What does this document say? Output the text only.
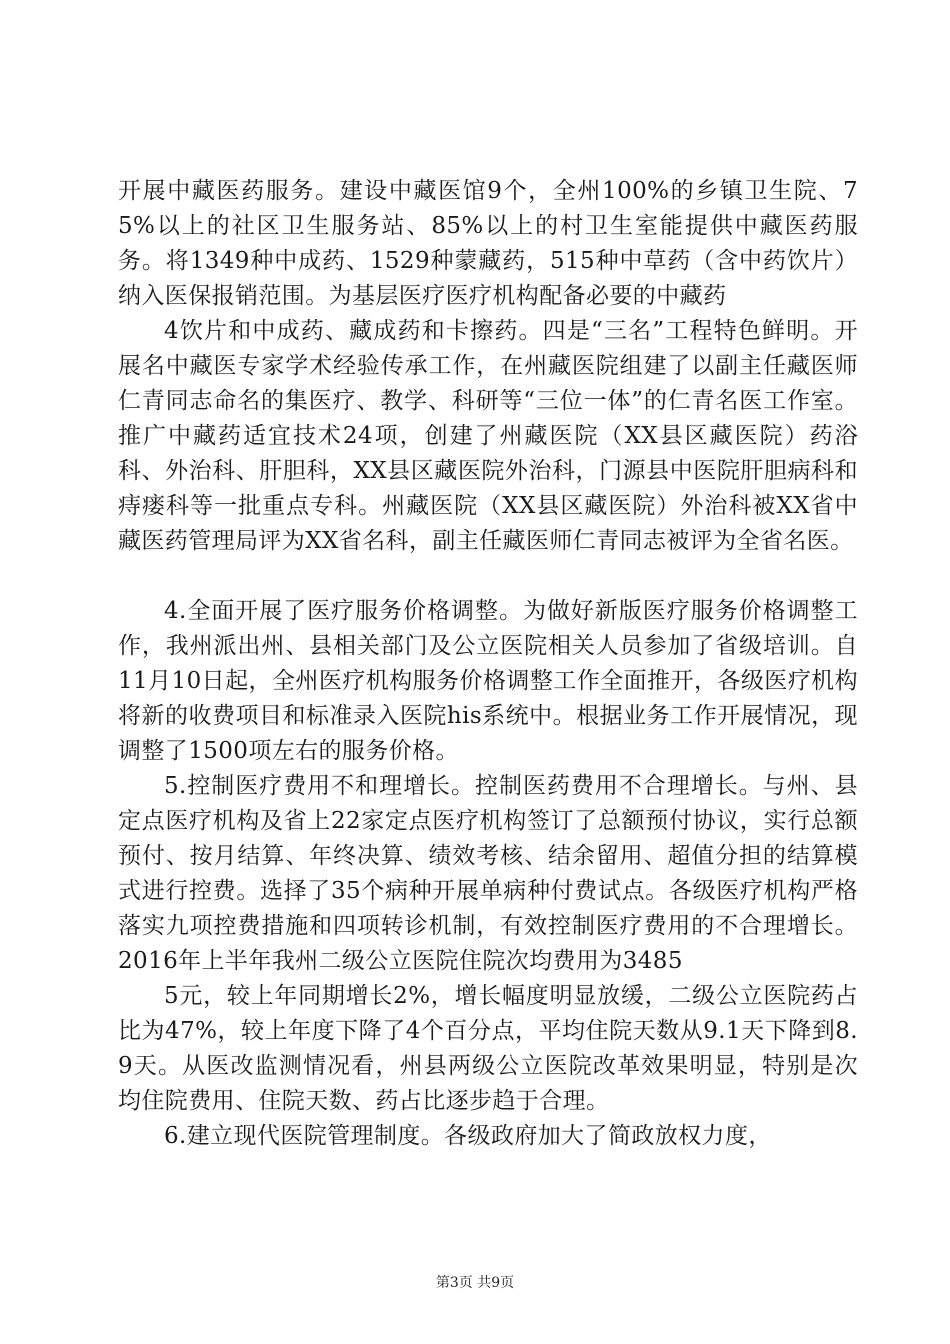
开展中藏医药服务。建设中藏医馆9个，全州100%的乡镇卫生院、75%以上的社区卫生服务站、85%以上的村卫生室能提供中藏医药服务。将1349种中成药、1529种蒙藏药，515种中草药（含中药饮片）纳入医保报销范围。为基层医疗医疗机构配备必要的中藏药

4饮片和中成药、藏成药和卡擦药。四是“三名”工程特色鲜明。开展名中藏医专家学术经验传承工作，在州藏医院组建了以副主任藏医师仁青同志命名的集医疗、教学、科研等“三位一体”的仁青名医工作室。推广中藏药适宜技术24项，创建了州藏医院（XX县区藏医院）药浴科、外治科、肝胆科，XX县区藏医院外治科，门源县中医院肝胆病科和痔瘘科等一批重点专科。州藏医院（XX县区藏医院）外治科被XX省中藏医药管理局评为XX省名科，副主任藏医师仁青同志被评为全省名医。

4.全面开展了医疗服务价格调整。为做好新版医疗服务价格调整工作，我州派出州、县相关部门及公立医院相关人员参加了省级培训。自11月10日起，全州医疗机构服务价格调整工作全面推开，各级医疗机构将新的收费项目和标准录入医院his系统中。根据业务工作开展情况，现调整了1500项左右的服务价格。

5.控制医疗费用不和理增长。控制医药费用不合理增长。与州、县定点医疗机构及省上22家定点医疗机构签订了总额预付协议，实行总额预付、按月结算、年终决算、绩效考核、结余留用、超值分担的结算模式进行控费。选择了35个病种开展单病种付费试点。各级医疗机构严格落实九项控费措施和四项转诊机制，有效控制医疗费用的不合理增长。2016年上半年我州二级公立医院住院次均费用为3485

5元，较上年同期增长2%，增长幅度明显放缓，二级公立医院药占比为47%，较上年度下降了4个百分点，平均住院天数从9.1天下降到8.9天。从医改监测情况看，州县两级公立医院改革效果明显，特别是次均住院费用、住院天数、药占比逐步趋于合理。

6.建立现代医院管理制度。各级政府加大了简政放权力度，

第3页 共9页
